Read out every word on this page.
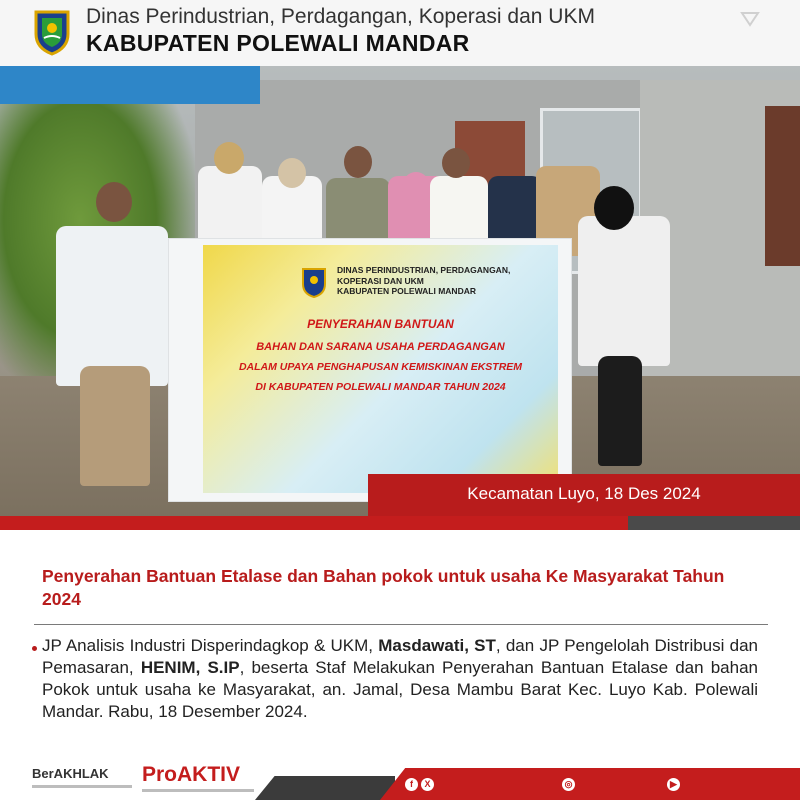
Dinas Perindustrian, Perdagangan, Koperasi dan UKM
KABUPATEN POLEWALI MANDAR
DINAS PERINDUSTRIAN, PERDAGANGAN,
KOPERASI DAN UKM
KABUPATEN POLEWALI MANDAR
PENYERAHAN BANTUAN
BAHAN DAN SARANA USAHA PERDAGANGAN
DALAM UPAYA PENGHAPUSAN KEMISKINAN EKSTREM
DI KABUPATEN POLEWALI MANDAR TAHUN 2024
Kecamatan Luyo, 18 Des 2024
Penyerahan Bantuan Etalase dan Bahan pokok untuk usaha Ke Masyarakat Tahun 2024
JP Analisis Industri Disperindagkop & UKM, Masdawati, ST, dan JP Pengelolah Distribusi dan Pemasaran, HENIM, S.IP, beserta Staf Melakukan Penyerahan Bantuan Etalase dan bahan Pokok untuk usaha ke Masyarakat, an. Jamal, Desa Mambu Barat Kec. Luyo Kab. Polewali Mandar. Rabu, 18 Desember 2024.
BerAKHLAK ProAKTIV	f	X	◎	▶
